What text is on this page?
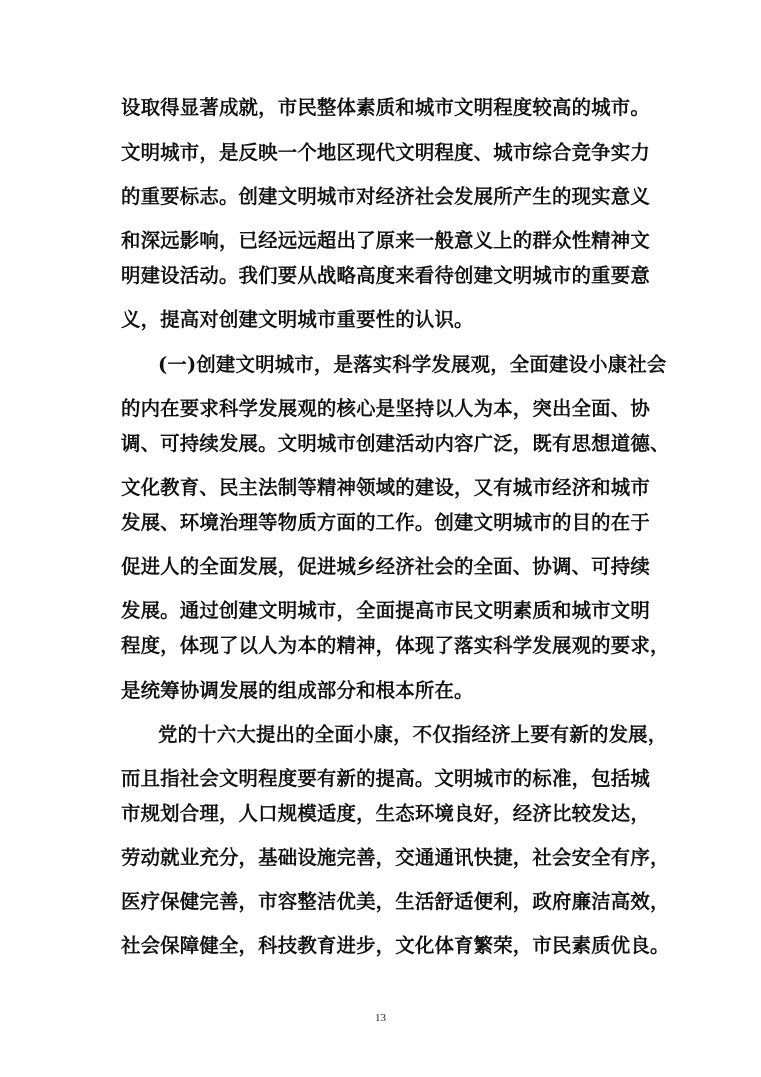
设取得显著成就，市民整体素质和城市文明程度较高的城市。
文明城市，是反映一个地区现代文明程度、城市综合竞争实力
的重要标志。创建文明城市对经济社会发展所产生的现实意义
和深远影响，已经远远超出了原来一般意义上的群众性精神文
明建设活动。我们要从战略高度来看待创建文明城市的重要意
义，提高对创建文明城市重要性的认识。
(一)创建文明城市，是落实科学发展观，全面建设小康社会
的内在要求科学发展观的核心是坚持以人为本，突出全面、协
调、可持续发展。文明城市创建活动内容广泛，既有思想道德、
文化教育、民主法制等精神领域的建设，又有城市经济和城市
发展、环境治理等物质方面的工作。创建文明城市的目的在于
促进人的全面发展，促进城乡经济社会的全面、协调、可持续
发展。通过创建文明城市，全面提高市民文明素质和城市文明
程度，体现了以人为本的精神，体现了落实科学发展观的要求，
是统筹协调发展的组成部分和根本所在。
党的十六大提出的全面小康，不仅指经济上要有新的发展，
而且指社会文明程度要有新的提高。文明城市的标准，包括城
市规划合理，人口规模适度，生态环境良好，经济比较发达，
劳动就业充分，基础设施完善，交通通讯快捷，社会安全有序，
医疗保健完善，市容整洁优美，生活舒适便利，政府廉洁高效，
社会保障健全，科技教育进步，文化体育繁荣，市民素质优良。
13
